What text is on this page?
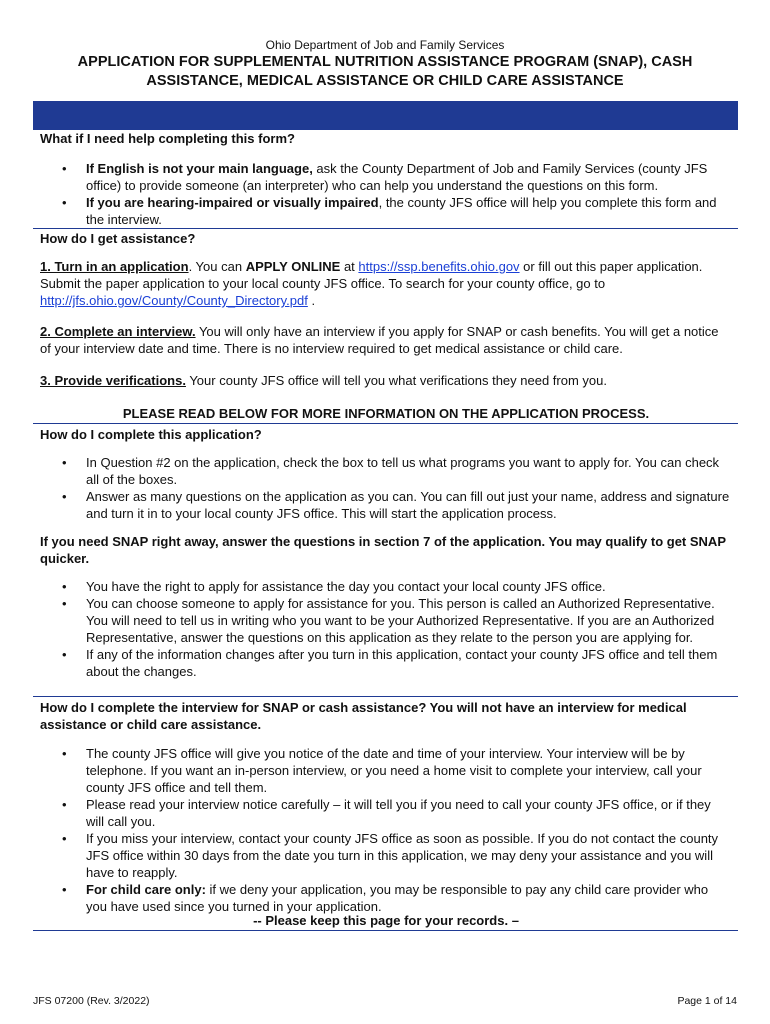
Ohio Department of Job and Family Services
APPLICATION FOR SUPPLEMENTAL NUTRITION ASSISTANCE PROGRAM (SNAP), CASH
ASSISTANCE, MEDICAL ASSISTANCE OR CHILD CARE ASSISTANCE
What if I need help completing this form?
• If English is not your main language, ask the County Department of Job and Family Services (county JFS office) to provide someone (an interpreter) who can help you understand the questions on this form.
• If you are hearing-impaired or visually impaired, the county JFS office will help you complete this form and the interview.
How do I get assistance?
1. Turn in an application. You can APPLY ONLINE at https://ssp.benefits.ohio.gov or fill out this paper application. Submit the paper application to your local county JFS office. To search for your county office, go to http://jfs.ohio.gov/County/County_Directory.pdf .
2. Complete an interview. You will only have an interview if you apply for SNAP or cash benefits. You will get a notice of your interview date and time. There is no interview required to get medical assistance or child care.
3. Provide verifications. Your county JFS office will tell you what verifications they need from you.
PLEASE READ BELOW FOR MORE INFORMATION ON THE APPLICATION PROCESS.
How do I complete this application?
• In Question #2 on the application, check the box to tell us what programs you want to apply for. You can check all of the boxes.
• Answer as many questions on the application as you can. You can fill out just your name, address and signature and turn it in to your local county JFS office. This will start the application process.
If you need SNAP right away, answer the questions in section 7 of the application. You may qualify to get SNAP quicker.
• You have the right to apply for assistance the day you contact your local county JFS office.
• You can choose someone to apply for assistance for you. This person is called an Authorized Representative. You will need to tell us in writing who you want to be your Authorized Representative. If you are an Authorized Representative, answer the questions on this application as they relate to the person you are applying for.
• If any of the information changes after you turn in this application, contact your county JFS office and tell them about the changes.
How do I complete the interview for SNAP or cash assistance? You will not have an interview for medical assistance or child care assistance.
• The county JFS office will give you notice of the date and time of your interview. Your interview will be by telephone. If you want an in-person interview, or you need a home visit to complete your interview, call your county JFS office and tell them.
• Please read your interview notice carefully – it will tell you if you need to call your county JFS office, or if they will call you.
• If you miss your interview, contact your county JFS office as soon as possible. If you do not contact the county JFS office within 30 days from the date you turn in this application, we may deny your assistance and you will have to reapply.
• For child care only: if we deny your application, you may be responsible to pay any child care provider who you have used since you turned in your application.
-- Please keep this page for your records. –
JFS 07200 (Rev. 3/2022)	Page 1 of 14
